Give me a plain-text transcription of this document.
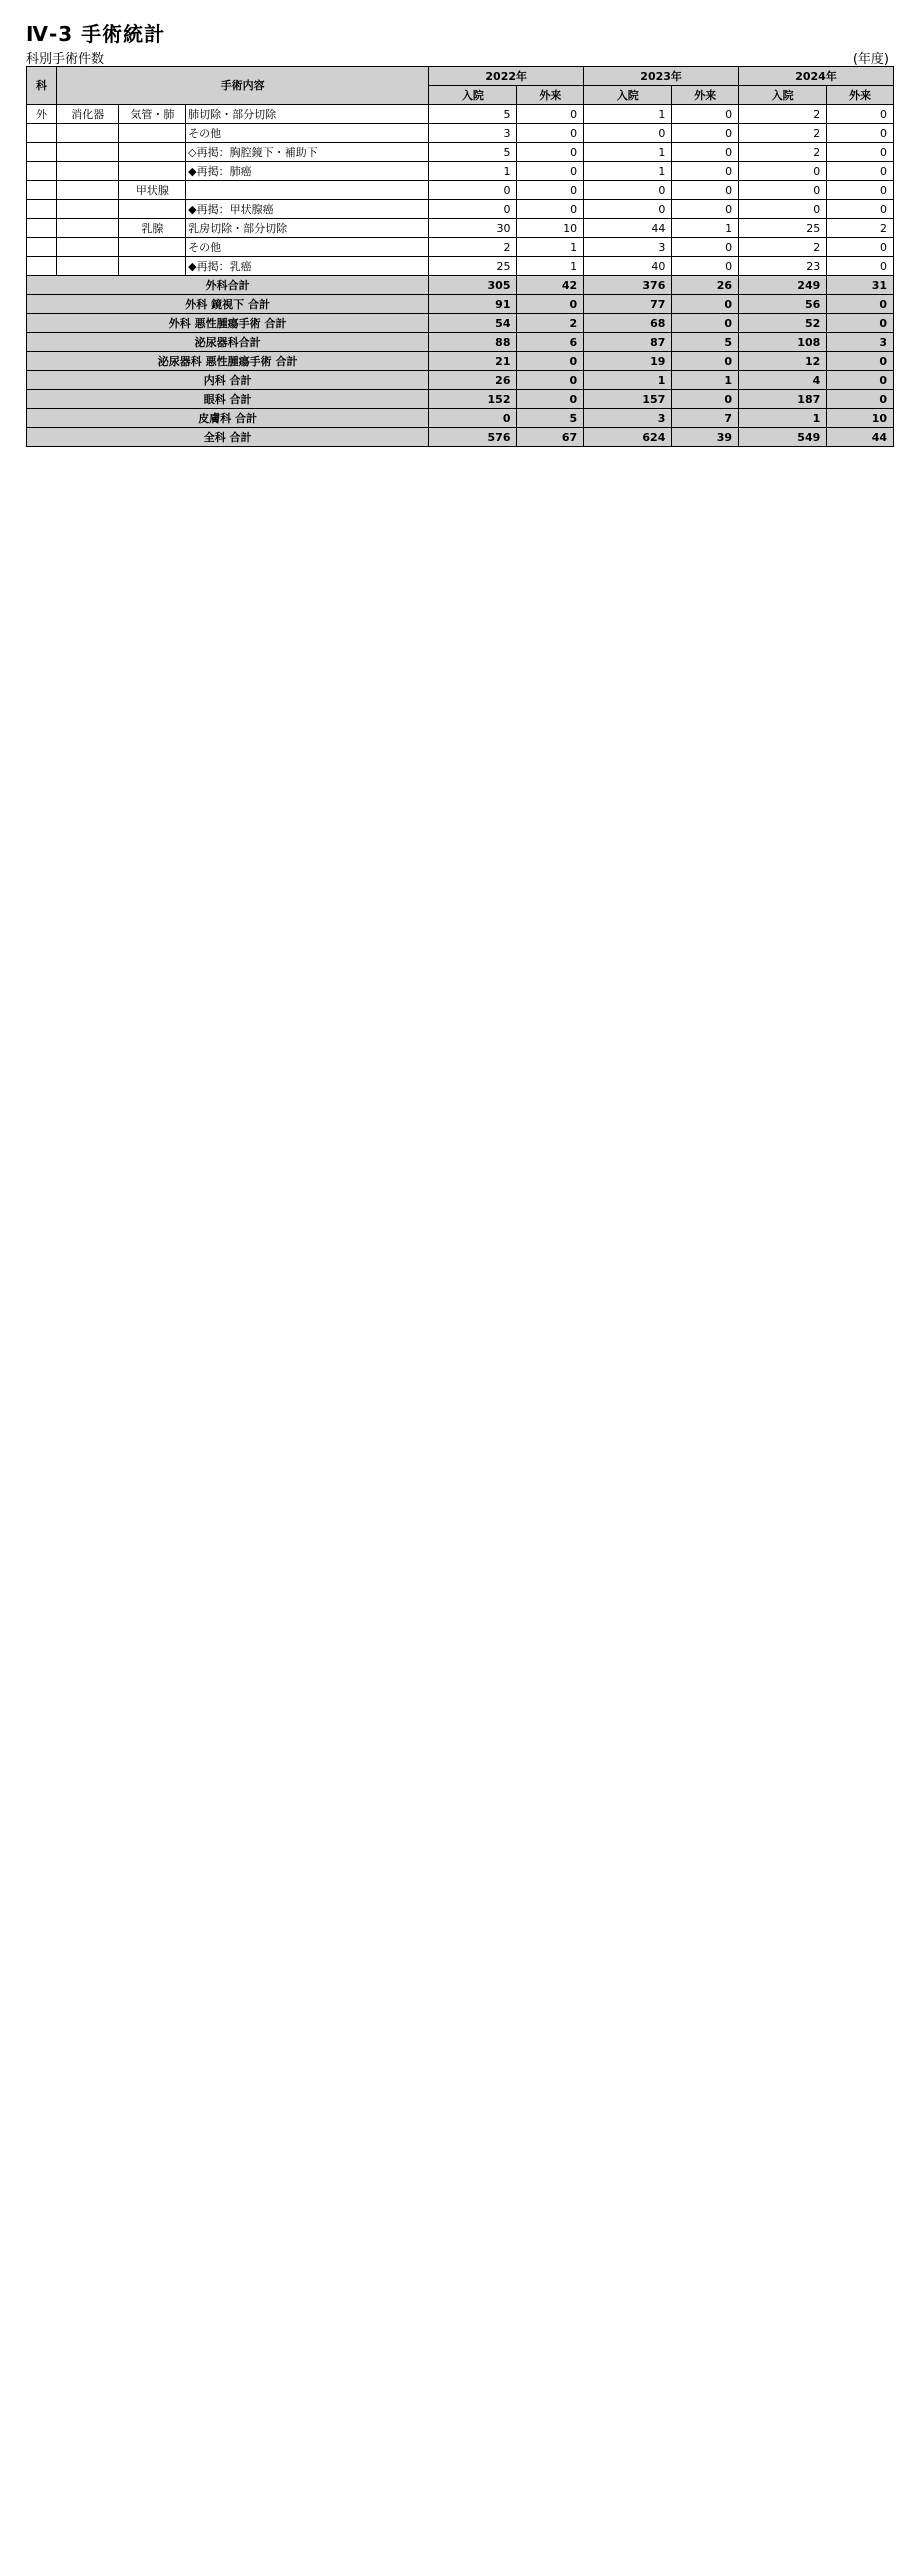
Ⅳ-3 手術統計
科別手術件数	(年度)
科	手術内容			2022年		2023年		2024年	
				入院	外来	入院	外来	入院	外来
外	消化器	気管・肺	肺切除・部分切除	5	0	1	0	2	0
			その他	3	0	0	0	2	0
			◇再掲：胸腔鏡下・補助下	5	0	1	0	2	0
			◆再掲：肺癌	1	0	1	0	0	0
		甲状腺		0	0	0	0	0	0
			◆再掲：甲状腺癌	0	0	0	0	0	0
		乳腺	乳房切除・部分切除	30	10	44	1	25	2
			その他	2	1	3	0	2	0
			◆再掲：乳癌	25	1	40	0	23	0
外科合計				305	42	376	26	249	31
外科 鏡視下 合計				91	0	77	0	56	0
外科 悪性腫瘍手術 合計				54	2	68	0	52	0
泌尿器科合計				88	6	87	5	108	3
泌尿器科 悪性腫瘍手術 合計				21	0	19	0	12	0
内科 合計				26	0	1	1	4	0
眼科 合計				152	0	157	0	187	0
皮膚科 合計				0	5	3	7	1	10
全科 合計				576	67	624	39	549	44
